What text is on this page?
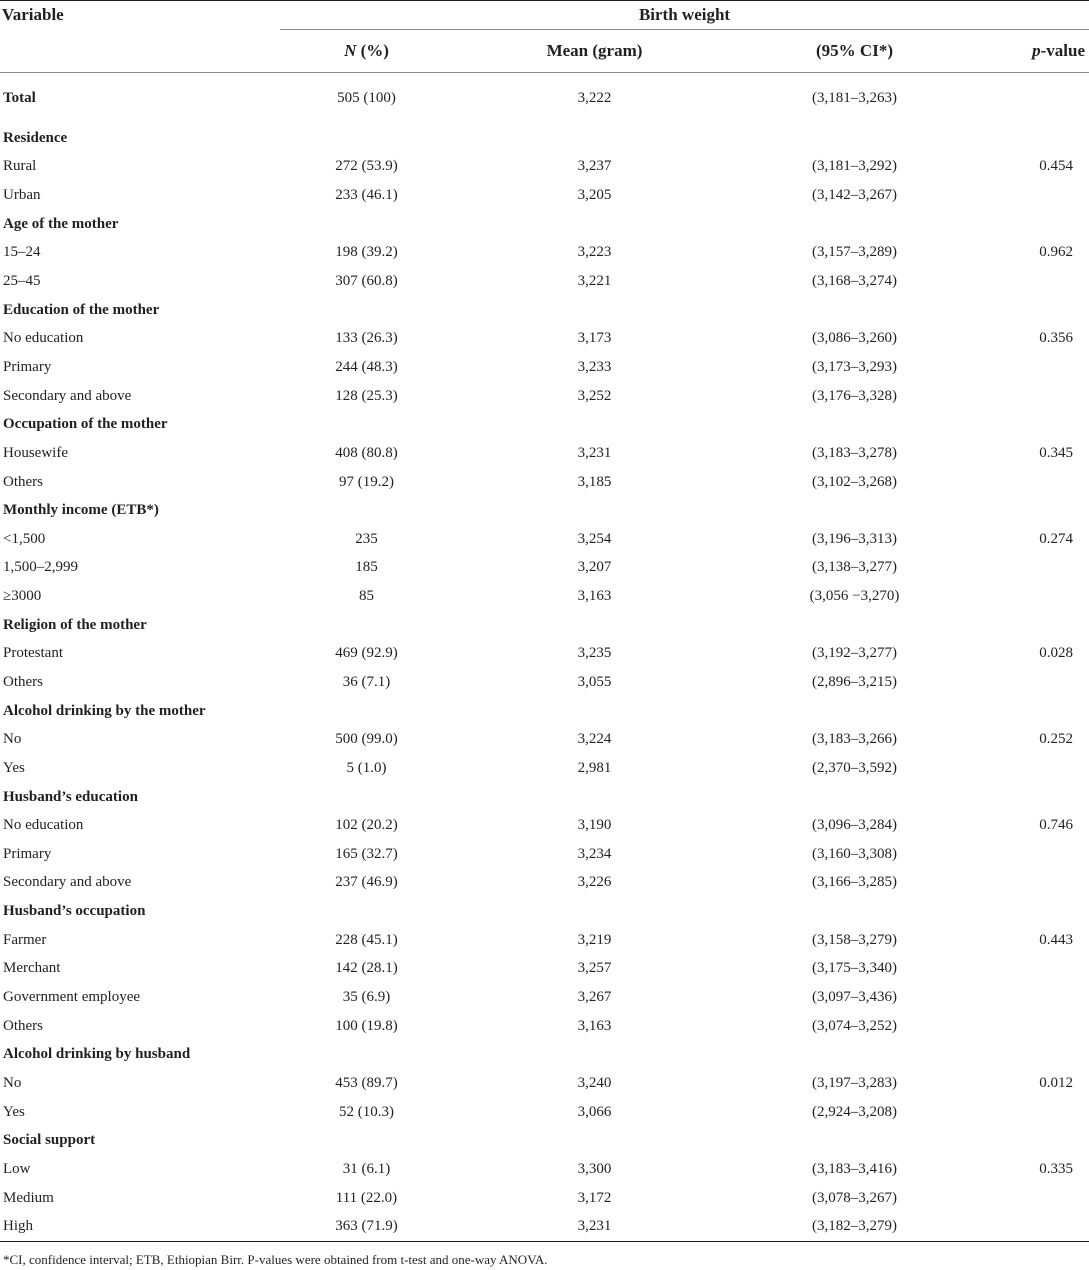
Variable	Birth weight			
	N (%)	Mean (gram)	(95% CI*)	p-value
Total	505 (100)	3,222	(3,181–3,263)	
Residence				
Rural	272 (53.9)	3,237	(3,181–3,292)	0.454
Urban	233 (46.1)	3,205	(3,142–3,267)	
Age of the mother				
15–24	198 (39.2)	3,223	(3,157–3,289)	0.962
25–45	307 (60.8)	3,221	(3,168–3,274)	
Education of the mother				
No education	133 (26.3)	3,173	(3,086–3,260)	0.356
Primary	244 (48.3)	3,233	(3,173–3,293)	
Secondary and above	128 (25.3)	3,252	(3,176–3,328)	
Occupation of the mother				
Housewife	408 (80.8)	3,231	(3,183–3,278)	0.345
Others	97 (19.2)	3,185	(3,102–3,268)	
Monthly income (ETB*)				
<1,500	235	3,254	(3,196–3,313)	0.274
1,500–2,999	185	3,207	(3,138–3,277)	
≥3000	85	3,163	(3,056 −3,270)	
Religion of the mother				
Protestant	469 (92.9)	3,235	(3,192–3,277)	0.028
Others	36 (7.1)	3,055	(2,896–3,215)	
Alcohol drinking by the mother				
No	500 (99.0)	3,224	(3,183–3,266)	0.252
Yes	5 (1.0)	2,981	(2,370–3,592)	
Husband’s education				
No education	102 (20.2)	3,190	(3,096–3,284)	0.746
Primary	165 (32.7)	3,234	(3,160–3,308)	
Secondary and above	237 (46.9)	3,226	(3,166–3,285)	
Husband’s occupation				
Farmer	228 (45.1)	3,219	(3,158–3,279)	0.443
Merchant	142 (28.1)	3,257	(3,175–3,340)	
Government employee	35 (6.9)	3,267	(3,097–3,436)	
Others	100 (19.8)	3,163	(3,074–3,252)	
Alcohol drinking by husband				
No	453 (89.7)	3,240	(3,197–3,283)	0.012
Yes	52 (10.3)	3,066	(2,924–3,208)	
Social support				
Low	31 (6.1)	3,300	(3,183–3,416)	0.335
Medium	111 (22.0)	3,172	(3,078–3,267)	
High	363 (71.9)	3,231	(3,182–3,279)	
*CI, confidence interval; ETB, Ethiopian Birr. P-values were obtained from t-test and one-way ANOVA.
